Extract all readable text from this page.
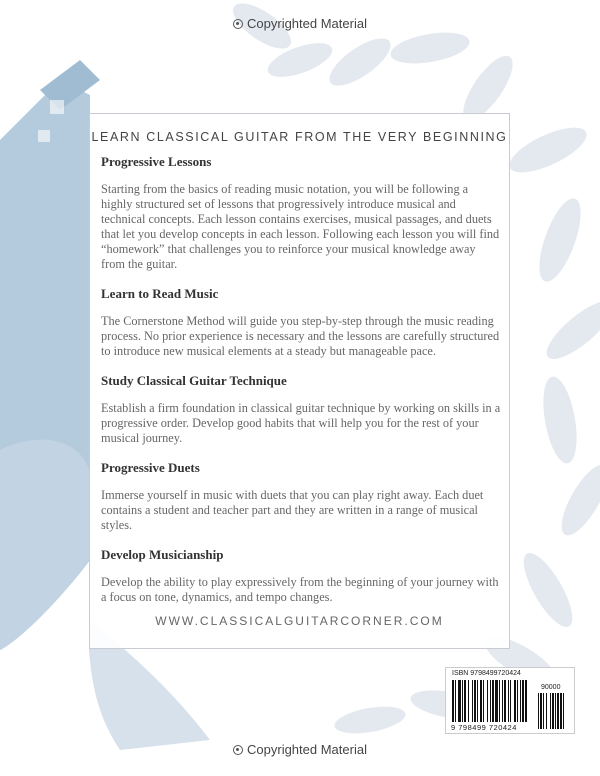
Copyrighted Material
LEARN CLASSICAL GUITAR FROM THE VERY BEGINNING

Progressive Lessons

Starting from the basics of reading music notation, you will be following a highly structured set of lessons that progressively introduce musical and technical concepts. Each lesson contains exercises, musical passages, and duets that let you develop concepts in each lesson. Following each lesson you will find “homework” that challenges you to reinforce your musical knowledge away from the guitar.

Learn to Read Music

The Cornerstone Method will guide you step-by-step through the music reading process. No prior experience is necessary and the lessons are carefully structured to introduce new musical elements at a steady but manageable pace.

Study Classical Guitar Technique

Establish a firm foundation in classical guitar technique by working on skills in a progressive order. Develop good habits that will help you for the rest of your musical journey.

Progressive Duets

Immerse yourself in music with duets that you can play right away. Each duet contains a student and teacher part and they are written in a range of musical styles.

Develop Musicianship

Develop the ability to play expressively from the beginning of your journey with a focus on tone, dynamics, and tempo changes.

WWW.CLASSICALGUITARCORNER.COM
ISBN 9798499720424
90000
9 798499 720424
Copyrighted Material
